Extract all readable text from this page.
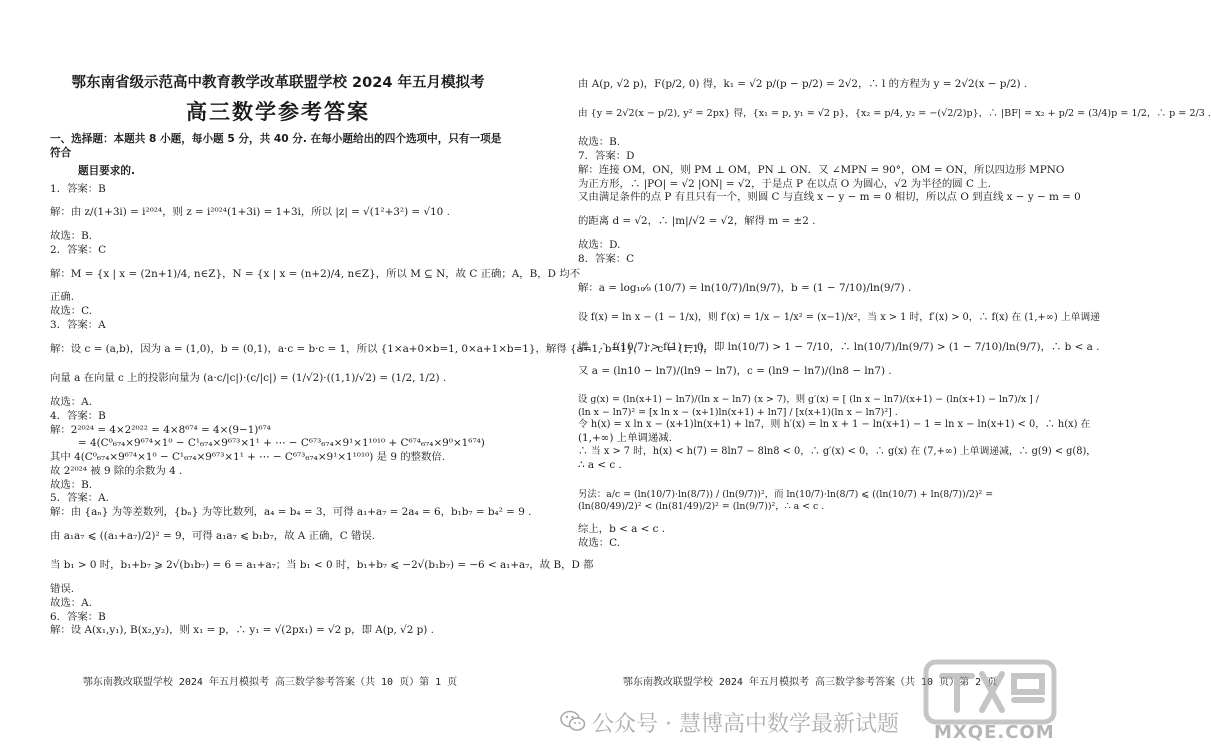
鄂东南省级示范高中教育教学改革联盟学校 2024 年五月模拟考
高三数学参考答案
一、选择题：本题共 8 小题，每小题 5 分，共 40 分. 在每小题给出的四个选项中，只有一项是符合
题目要求的.

1．答案：B

解：由 z/(1+3i) = i²⁰²⁴，则 z = i²⁰²⁴(1+3i) = 1+3i，所以 |z| = √(1²+3²) = √10 .

故选：B.

2．答案：C

解：M = {x | x = (2n+1)/4, n∈Z}，N = {x | x = (n+2)/4, n∈Z}，所以 M ⊆ N，故 C 正确；A，B，D 均不

正确.

故选：C.

3．答案：A

解：设 c = (a,b)，因为 a = (1,0)，b = (0,1)，a·c = b·c = 1，所以 {1×a+0×b=1, 0×a+1×b=1}，解得 {a=1, b=1}，∴ c = (1,1)，

向量 a 在向量 c 上的投影向量为 (a·c/|c|)·(c/|c|) = (1/√2)·((1,1)/√2) = (1/2, 1/2) .

故选：A.

4．答案：B

解：2²⁰²⁴ = 4×2²⁰²² = 4×8⁶⁷⁴ = 4×(9−1)⁶⁷⁴

= 4(C⁰₆₇₄×9⁶⁷⁴×1⁰ − C¹₆₇₄×9⁶⁷³×1¹ + ⋯ − C⁶⁷³₆₇₄×9¹×1¹⁰¹⁰ + C⁶⁷⁴₆₇₄×9⁰×1⁶⁷⁴)

其中 4(C⁰₆₇₄×9⁶⁷⁴×1⁰ − C¹₆₇₄×9⁶⁷³×1¹ + ⋯ − C⁶⁷³₆₇₄×9¹×1¹⁰¹⁰) 是 9 的整数倍.

故 2²⁰²⁴ 被 9 除的余数为 4 .

故选：B.

5．答案：A.

解：由 {aₙ} 为等差数列，{bₙ} 为等比数列，a₄ = b₄ = 3，可得 a₁+a₇ = 2a₄ = 6，b₁b₇ = b₄² = 9 .

由 a₁a₇ ⩽ ((a₁+a₇)/2)² = 9，可得 a₁a₇ ⩽ b₁b₇，故 A 正确，C 错误.

当 b₁ > 0 时，b₁+b₇ ⩾ 2√(b₁b₇) = 6 = a₁+a₇；当 b₁ < 0 时，b₁+b₇ ⩽ −2√(b₁b₇) = −6 < a₁+a₇，故 B，D 都

错误.

故选：A.

6．答案：B

解：设 A(x₁,y₁), B(x₂,y₂)，则 x₁ = p，∴ y₁ = √(2px₁) = √2 p，即 A(p, √2 p) .

鄂东南教改联盟学校 2024 年五月模拟考 高三数学参考答案（共 10 页）第 1 页

由 A(p, √2 p)，F(p/2, 0) 得，k₁ = √2 p/(p − p/2) = 2√2，∴ l 的方程为 y = 2√2(x − p/2) .

由 {y = 2√2(x − p/2), y² = 2px} 得，{x₁ = p, y₁ = √2 p}，{x₂ = p/4, y₂ = −(√2/2)p}，∴ |BF| = x₂ + p/2 = (3/4)p = 1/2，∴ p = 2/3 .

故选：B.

7．答案：D

解：连接 OM，ON，则 PM ⊥ OM，PN ⊥ ON．又 ∠MPN = 90°，OM = ON，所以四边形 MPNO

为正方形，∴ |PO| = √2 |ON| = √2，于是点 P 在以点 O 为圆心，√2 为半径的圆 C 上.

又由满足条件的点 P 有且只有一个，则圆 C 与直线 x − y − m = 0 相切，所以点 O 到直线 x − y − m = 0

的距离 d = √2，∴ |m|/√2 = √2，解得 m = ±2 .

故选：D.

8．答案：C

解：a = log₁₀⁄₉ (10/7) = ln(10/7)/ln(9/7)，b = (1 − 7/10)/ln(9/7) .

设 f(x) = ln x − (1 − 1/x)，则 f′(x) = 1/x − 1/x² = (x−1)/x²，当 x > 1 时，f′(x) > 0，∴ f(x) 在 (1,+∞) 上单调递

增，∴ f(10/7) > f(1) = 0，即 ln(10/7) > 1 − 7/10，∴ ln(10/7)/ln(9/7) > (1 − 7/10)/ln(9/7)，∴ b < a .

又 a = (ln10 − ln7)/(ln9 − ln7)，c = (ln9 − ln7)/(ln8 − ln7) .

设 g(x) = (ln(x+1) − ln7)/(ln x − ln7) (x > 7)，则 g′(x) = [ (ln x − ln7)/(x+1) − (ln(x+1) − ln7)/x ] / (ln x − ln7)² = [x ln x − (x+1)ln(x+1) + ln7] / [x(x+1)(ln x − ln7)²] .

令 h(x) = x ln x − (x+1)ln(x+1) + ln7，则 h′(x) = ln x + 1 − ln(x+1) − 1 = ln x − ln(x+1) < 0，∴ h(x) 在

(1,+∞) 上单调递减.

∴ 当 x > 7 时，h(x) < h(7) = 8ln7 − 8ln8 < 0，∴ g′(x) < 0，∴ g(x) 在 (7,+∞) 上单调递减，∴ g(9) < g(8)，

∴ a < c .

另法：a/c = (ln(10/7)·ln(8/7)) / (ln(9/7))²，而 ln(10/7)·ln(8/7) ⩽ ((ln(10/7) + ln(8/7))/2)² = (ln(80/49)/2)² < (ln(81/49)/2)² = (ln(9/7))²，∴ a < c .

综上，b < a < c .

故选：C.

鄂东南教改联盟学校 2024 年五月模拟考 高三数学参考答案（共 10 页）第 2 页
公众号 · 慧博高中数学最新试题 MXQE.COM
